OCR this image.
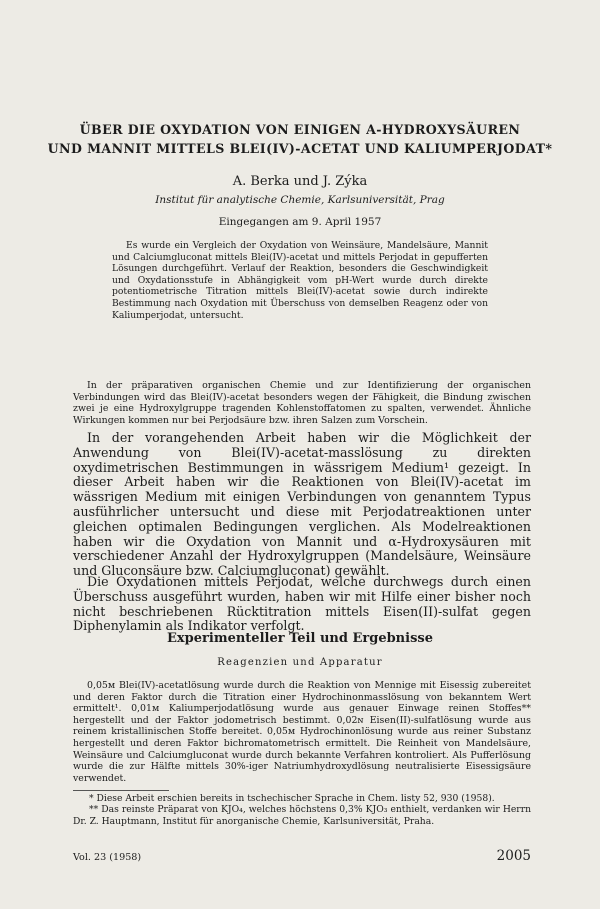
ÜBER DIE OXYDATION VON EINIGEN Α-HYDROXYSÄUREN
UND MANNIT MITTELS BLEI(IV)-ACETAT UND KALIUMPERJODAT*
A. Berka und J. Zýka
Institut für analytische Chemie, Karlsuniversität, Prag
Eingegangen am 9. April 1957
Es wurde ein Vergleich der Oxydation von Weinsäure, Mandelsäure, Mannit und Calciumgluconat mittels Blei(IV)-acetat und mittels Perjodat in gepufferten Lösungen durchgeführt. Verlauf der Reaktion, besonders die Geschwindigkeit und Oxydationsstufe in Abhängigkeit vom pH-Wert wurde durch direkte potentiometrische Titration mittels Blei(IV)-acetat sowie durch indirekte Bestimmung nach Oxydation mit Überschuss von demselben Reagenz oder von Kaliumperjodat, untersucht.
In der präparativen organischen Chemie und zur Identifizierung der organischen Verbindungen wird das Blei(IV)-acetat besonders wegen der Fähigkeit, die Bindung zwischen zwei je eine Hydroxylgruppe tragenden Kohlenstoffatomen zu spalten, verwendet. Ähnliche Wirkungen kommen nur bei Perjodsäure bzw. ihren Salzen zum Vorschein.

In der vorangehenden Arbeit haben wir die Möglichkeit der Anwendung von Blei(IV)-acetat-masslösung zu direkten oxydimetrischen Bestimmungen in wässrigem Medium¹ gezeigt. In dieser Arbeit haben wir die Reaktionen von Blei(IV)-acetat im wässrigen Medium mit einigen Verbindungen von genanntem Typus ausführlicher untersucht und diese mit Perjodatreaktionen unter gleichen optimalen Bedingungen verglichen. Als Modelreaktionen haben wir die Oxydation von Mannit und α-Hydroxysäuren mit verschiedener Anzahl der Hydroxylgruppen (Mandelsäure, Weinsäure und Gluconsäure bzw. Calciumgluconat) gewählt.

Die Oxydationen mittels Perjodat, welche durchwegs durch einen Überschuss ausgeführt wurden, haben wir mit Hilfe einer bisher noch nicht beschriebenen Rücktitration mittels Eisen(II)-sulfat gegen Diphenylamin als Indikator verfolgt.

Experimenteller Teil und Ergebnisse
Reagenzien und Apparatur
0,05м Blei(IV)-acetatlösung wurde durch die Reaktion von Mennige mit Eisessig zubereitet und deren Faktor durch die Titration einer Hydrochinonmasslösung von bekanntem Wert ermittelt¹. 0,01м Kaliumperjodatlösung wurde aus genauer Einwage reinen Stoffes** hergestellt und der Faktor jodometrisch bestimmt. 0,02ɴ Eisen(II)-sulfatlösung wurde aus reinem kristallinischen Stoffe bereitet. 0,05м Hydrochinonlösung wurde aus reiner Substanz hergestellt und deren Faktor bichromatometrisch ermittelt. Die Reinheit von Mandelsäure, Weinsäure und Calciumgluconat wurde durch bekannte Verfahren kontroliert. Als Pufferlösung wurde die zur Hälfte mittels 30%-iger Natriumhydroxydlösung neutralisierte Eisessigsäure verwendet.
* Diese Arbeit erschien bereits in tschechischer Sprache in Chem. listy 52, 930 (1958).
** Das reinste Präparat von KJO₄, welches höchstens 0,3% KJO₃ enthielt, verdanken wir Herrn Dr. Z. Hauptmann, Institut für anorganische Chemie, Karlsuniversität, Praha.
Vol. 23 (1958)	2005
